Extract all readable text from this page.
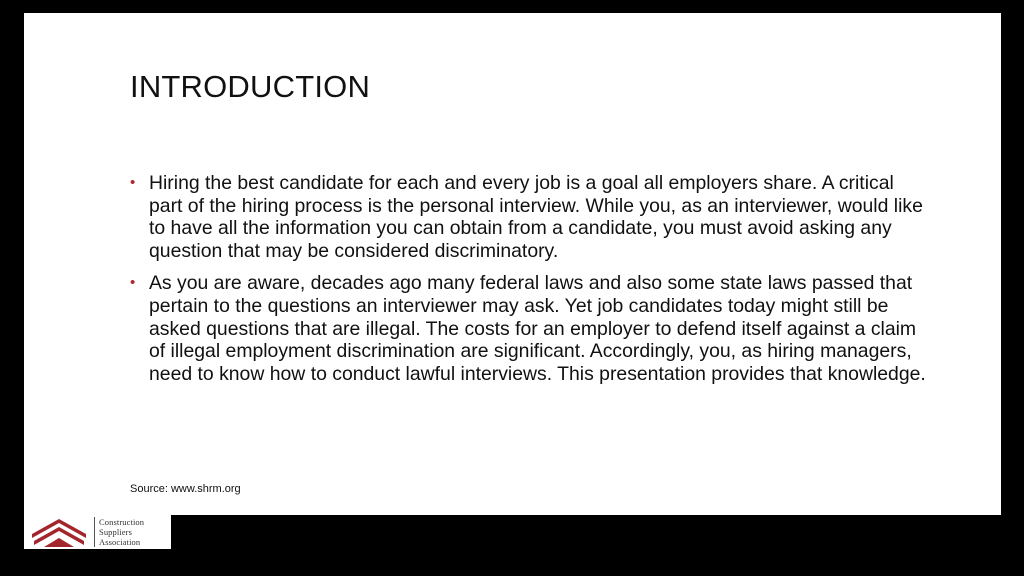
INTRODUCTION
• Hiring the best candidate for each and every job is a goal all employers share. A critical part of the hiring process is the personal interview. While you, as an interviewer, would like to have all the information you can obtain from a candidate, you must avoid asking any question that may be considered discriminatory.
• As you are aware, decades ago many federal laws and also some state laws passed that pertain to the questions an interviewer may ask. Yet job candidates today might still be asked questions that are illegal. The costs for an employer to defend itself against a claim of illegal employment discrimination are significant. Accordingly, you, as hiring managers, need to know how to conduct lawful interviews. This presentation provides that knowledge.
Source: www.shrm.org
Construction
Suppliers
Association
